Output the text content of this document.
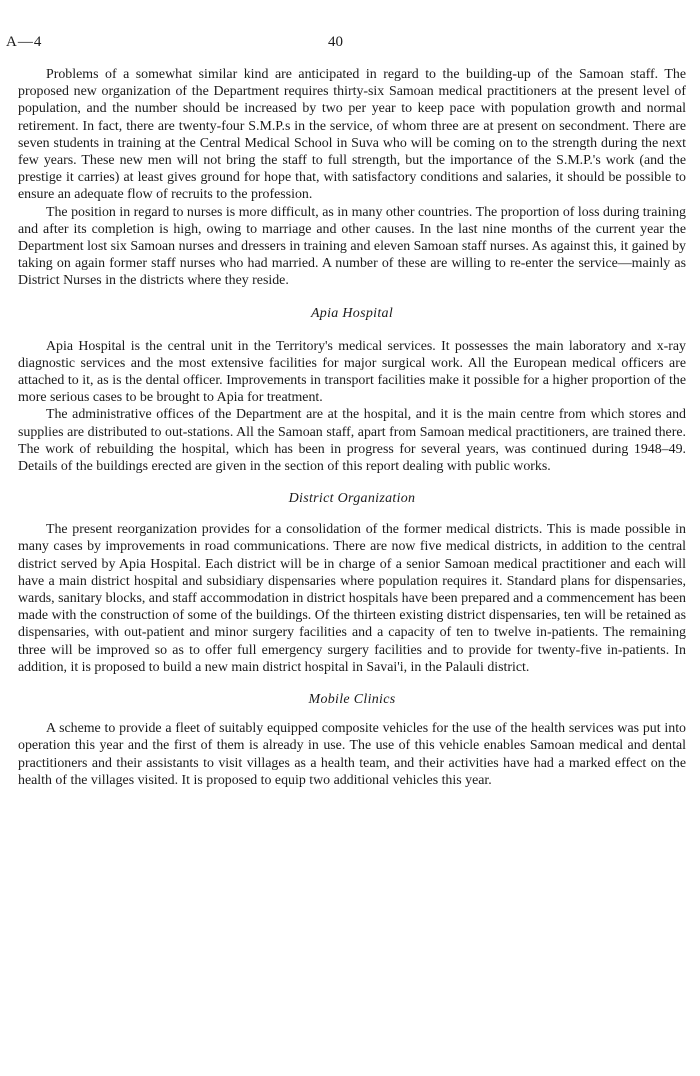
A—4	40

Problems of a somewhat similar kind are anticipated in regard to the building-up of the Samoan staff. The proposed new organization of the Department requires thirty-six Samoan medical practitioners at the present level of population, and the number should be increased by two per year to keep pace with population growth and normal retirement. In fact, there are twenty-four S.M.P.s in the service, of whom three are at present on secondment. There are seven students in training at the Central Medical School in Suva who will be coming on to the strength during the next few years. These new men will not bring the staff to full strength, but the importance of the S.M.P.'s work (and the prestige it carries) at least gives ground for hope that, with satisfactory conditions and salaries, it should be possible to ensure an adequate flow of recruits to the profession.

The position in regard to nurses is more difficult, as in many other countries. The proportion of loss during training and after its completion is high, owing to marriage and other causes. In the last nine months of the current year the Department lost six Samoan nurses and dressers in training and eleven Samoan staff nurses. As against this, it gained by taking on again former staff nurses who had married. A number of these are willing to re-enter the service—mainly as District Nurses in the districts where they reside.

Apia Hospital

Apia Hospital is the central unit in the Territory's medical services. It possesses the main laboratory and x-ray diagnostic services and the most extensive facilities for major surgical work. All the European medical officers are attached to it, as is the dental officer. Improvements in transport facilities make it possible for a higher proportion of the more serious cases to be brought to Apia for treatment.

The administrative offices of the Department are at the hospital, and it is the main centre from which stores and supplies are distributed to out-stations. All the Samoan staff, apart from Samoan medical practitioners, are trained there. The work of rebuilding the hospital, which has been in progress for several years, was continued during 1948–49. Details of the buildings erected are given in the section of this report dealing with public works.

District Organization

The present reorganization provides for a consolidation of the former medical districts. This is made possible in many cases by improvements in road communications. There are now five medical districts, in addition to the central district served by Apia Hospital. Each district will be in charge of a senior Samoan medical practitioner and each will have a main district hospital and subsidiary dispensaries where population requires it. Standard plans for dispensaries, wards, sanitary blocks, and staff accommodation in district hospitals have been prepared and a commencement has been made with the construction of some of the buildings. Of the thirteen existing district dispensaries, ten will be retained as dispensaries, with out-patient and minor surgery facilities and a capacity of ten to twelve in-patients. The remaining three will be improved so as to offer full emergency surgery facilities and to provide for twenty-five in-patients. In addition, it is proposed to build a new main district hospital in Savai'i, in the Palauli district.

Mobile Clinics

A scheme to provide a fleet of suitably equipped composite vehicles for the use of the health services was put into operation this year and the first of them is already in use. The use of this vehicle enables Samoan medical and dental practitioners and their assistants to visit villages as a health team, and their activities have had a marked effect on the health of the villages visited. It is proposed to equip two additional vehicles this year.
